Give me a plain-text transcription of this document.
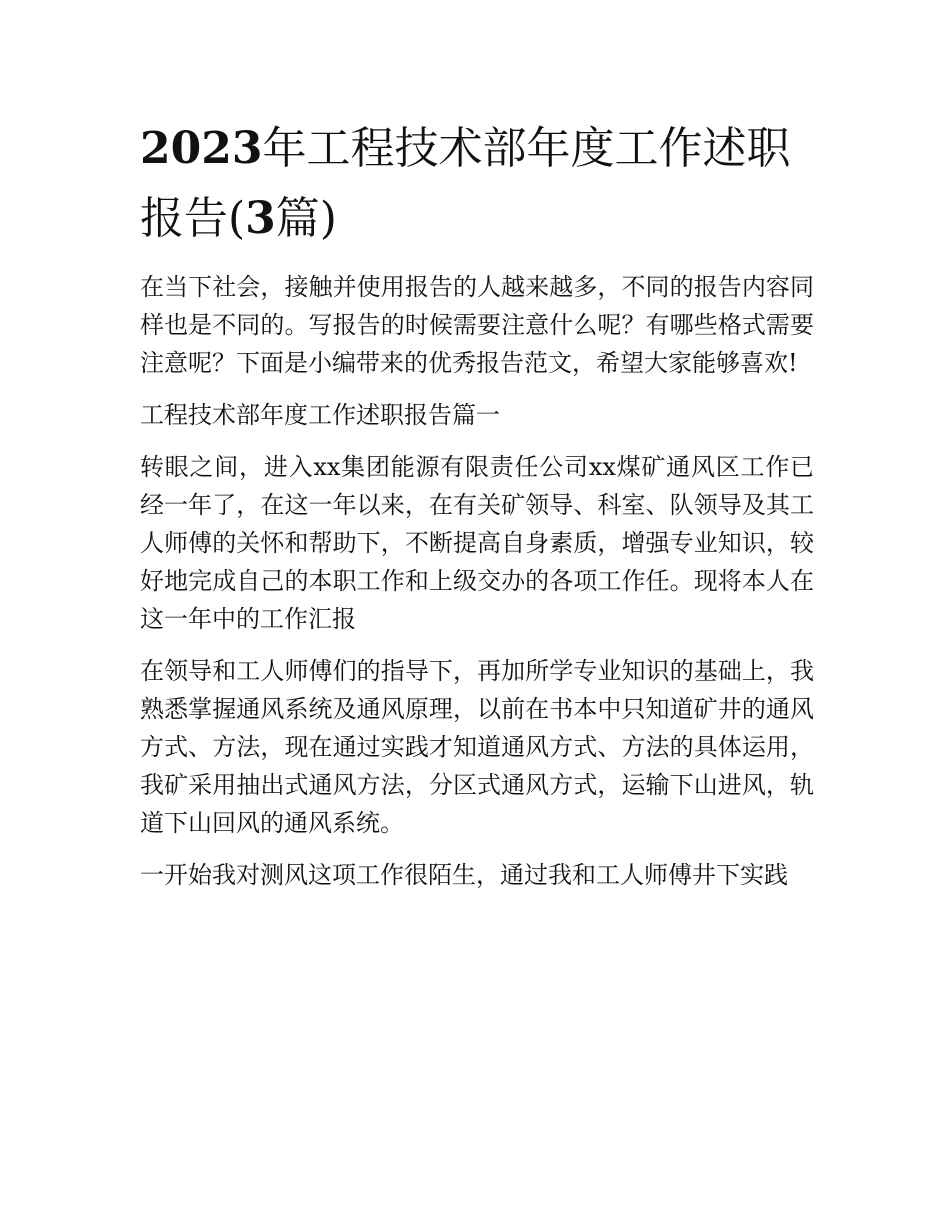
2023年工程技术部年度工作述职报告(3篇)

在当下社会，接触并使用报告的人越来越多，不同的报告内容同样也是不同的。写报告的时候需要注意什么呢？有哪些格式需要注意呢？下面是小编带来的优秀报告范文，希望大家能够喜欢!

工程技术部年度工作述职报告篇一

转眼之间，进入xx集团能源有限责任公司xx煤矿通风区工作已经一年了，在这一年以来，在有关矿领导、科室、队领导及其工人师傅的关怀和帮助下，不断提高自身素质，增强专业知识，较好地完成自己的本职工作和上级交办的各项工作任。现将本人在这一年中的工作汇报

在领导和工人师傅们的指导下，再加所学专业知识的基础上，我熟悉掌握通风系统及通风原理，以前在书本中只知道矿井的通风方式、方法，现在通过实践才知道通风方式、方法的具体运用，我矿采用抽出式通风方法，分区式通风方式，运输下山进风，轨道下山回风的通风系统。

一开始我对测风这项工作很陌生，通过我和工人师傅井下实践
